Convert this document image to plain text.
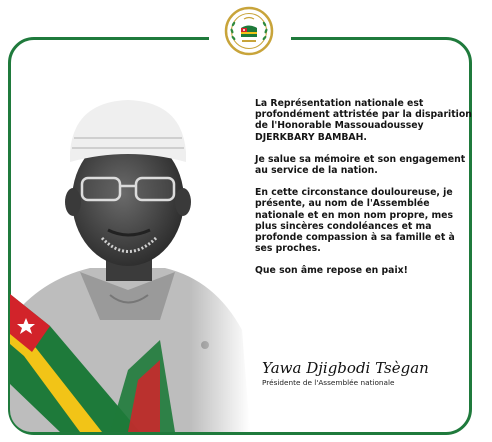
La Représentation nationale est profondément attristée par la disparition de l'Honorable Massouadoussey DJERKBARY BAMBAH.

Je salue sa mémoire et son engagement au service de la nation.

En cette circonstance douloureuse, je présente, au nom de l'Assemblée nationale et en mon nom propre, mes plus sincères condoléances et ma profonde compassion à sa famille et à ses proches.

Que son âme repose en paix!

Yawa Djigbodi Tsègan
Présidente de l'Assemblée nationale
